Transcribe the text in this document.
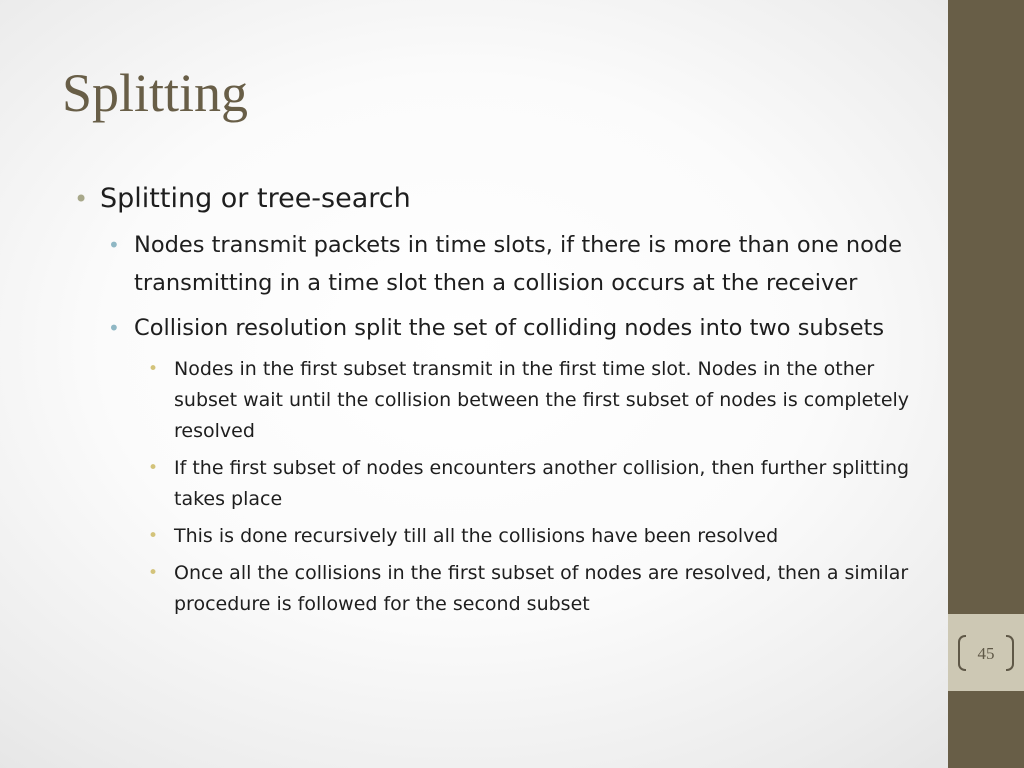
Splitting
• Splitting or tree-search
• Nodes transmit packets in time slots, if there is more than one node transmitting in a time slot then a collision occurs at the receiver
• Collision resolution split the set of colliding nodes into two subsets
• Nodes in the first subset transmit in the first time slot. Nodes in the other subset wait until the collision between the first subset of nodes is completely resolved
• If the first subset of nodes encounters another collision, then further splitting takes place
• This is done recursively till all the collisions have been resolved
• Once all the collisions in the first subset of nodes are resolved, then a similar procedure is followed for the second subset
45
